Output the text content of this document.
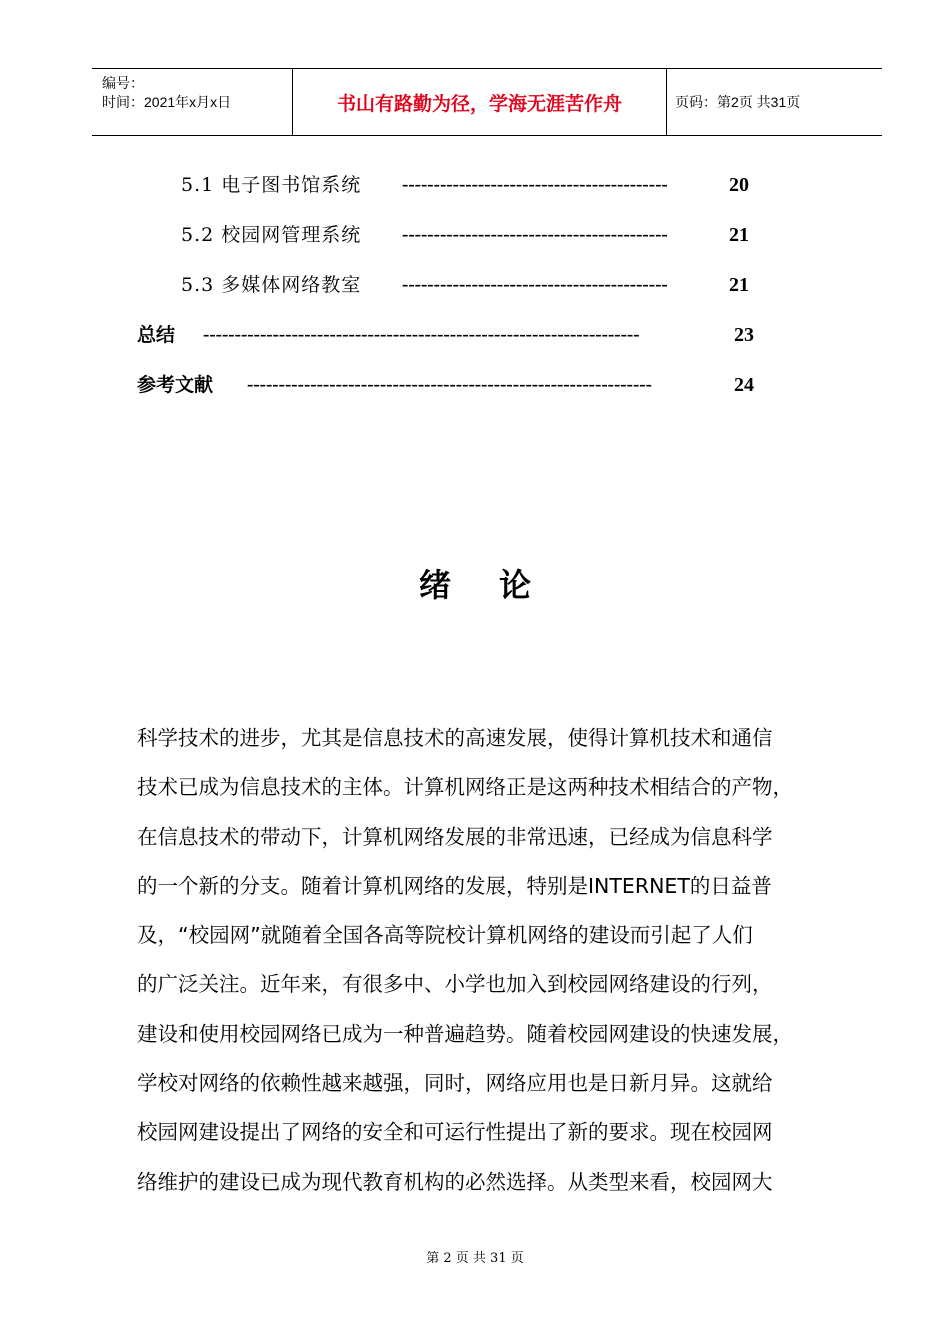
编号：
时间：2021年x月x日	书山有路勤为径，学海无涯苦作舟	页码：第2页 共31页
5.1 电子图书馆系统 ------------------------------------------	20
5.2 校园网管理系统 ------------------------------------------	21
5.3 多媒体网络教室 ------------------------------------------	21
总结 ---------------------------------------------------------------------	23
参考文献 ----------------------------------------------------------------	24
绪论
科学技术的进步，尤其是信息技术的高速发展，使得计算机技术和通信
技术已成为信息技术的主体。计算机网络正是这两种技术相结合的产物，
在信息技术的带动下，计算机网络发展的非常迅速，已经成为信息科学
的一个新的分支。随着计算机网络的发展，特别是INTERNET的日益普
及，“校园网”就随着全国各高等院校计算机网络的建设而引起了人们
的广泛关注。近年来，有很多中、小学也加入到校园网络建设的行列，
建设和使用校园网络已成为一种普遍趋势。随着校园网建设的快速发展，
学校对网络的依赖性越来越强，同时，网络应用也是日新月异。这就给
校园网建设提出了网络的安全和可运行性提出了新的要求。现在校园网
络维护的建设已成为现代教育机构的必然选择。从类型来看，校园网大
第 2 页 共 31 页
